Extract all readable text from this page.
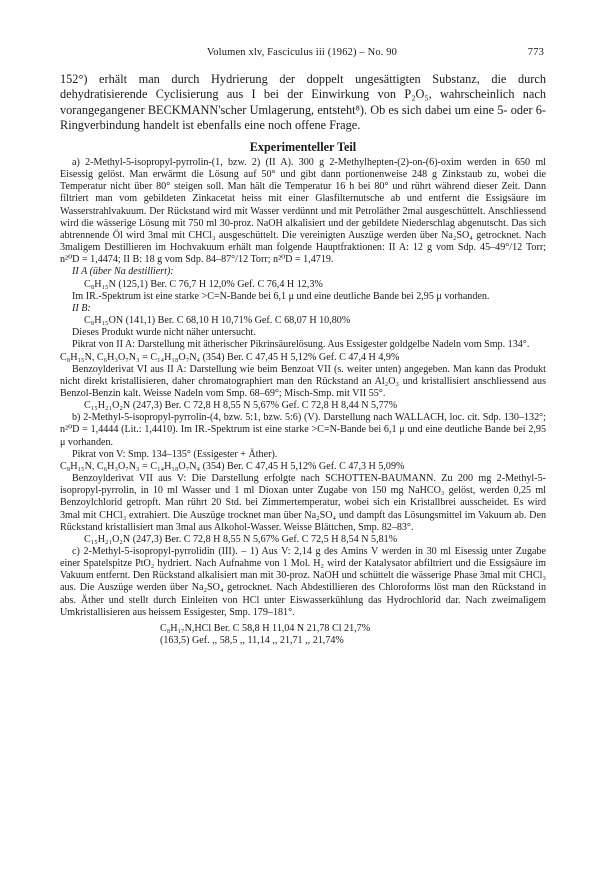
Volumen xlv, Fasciculus iii (1962) – No. 90	773
152°) erhält man durch Hydrierung der doppelt ungesättigten Substanz, die durch dehydratisierende Cyclisierung aus I bei der Einwirkung von P₂O₅, wahrscheinlich nach vorangegangener BECKMANN'scher Umlagerung, entsteht⁸). Ob es sich dabei um eine 5- oder 6-Ringverbindung handelt ist ebenfalls eine noch offene Frage.
Experimenteller Teil

a) 2-Methyl-5-isopropyl-pyrrolin-(1, bzw. 2) (II A). 300 g 2-Methylhepten-(2)-on-(6)-oxim werden in 650 ml Eisessig gelöst. Man erwärmt die Lösung auf 50° und gibt dann portionenweise 248 g Zinkstaub zu, wobei die Temperatur nicht über 80° steigen soll. Man hält die Temperatur 16 h bei 80° und rührt während dieser Zeit. Dann filtriert man vom gebildeten Zinkacetat heiss mit einer Glasfilternutsche ab und entfernt die Essigsäure im Wasserstrahlvakuum. Der Rückstand wird mit Wasser verdünnt und mit Petroläther 2mal ausgeschüttelt. Anschliessend wird die wässerige Lösung mit 750 ml 30-proz. NaOH alkalisiert und der gebildete Niederschlag abgenutscht. Das sich abtrennende Öl wird 3mal mit CHCl₃ ausgeschüttelt. Die vereinigten Auszüge werden über Na₂SO₄ getrocknet. Nach 3maligem Destillieren im Hochvakuum erhält man folgende Hauptfraktionen: II A: 12 g vom Sdp. 45–49°/12 Torr; n²⁰D = 1,4474; II B: 18 g vom Sdp. 84–87°/12 Torr; n²⁰D = 1,4719.

II A (über Na destilliert):

C₈H₁₅N (125,1) Ber. C 76,7 H 12,0% Gef. C 76,4 H 12,3%

Im IR.-Spektrum ist eine starke >C=N-Bande bei 6,1 μ und eine deutliche Bande bei 2,95 μ vorhanden.

II B:

C₈H₁₅ON (141,1) Ber. C 68,10 H 10,71% Gef. C 68,07 H 10,80%

Dieses Produkt wurde nicht näher untersucht.

Pikrat von II A: Darstellung mit ätherischer Pikrinsäurelösung. Aus Essigester goldgelbe Nadeln vom Smp. 134°.

C₈H₁₅N, C₆H₃O₇N₃ = C₁₄H₁₈O₇N₄ (354) Ber. C 47,45 H 5,12% Gef. C 47,4 H 4,9%

Benzoylderivat VI aus II A: Darstellung wie beim Benzoat VII (s. weiter unten) angegeben. Man kann das Produkt nicht direkt kristallisieren, daher chromatographiert man den Rückstand an Al₂O₃ und kristallisiert anschliessend aus Benzol-Benzin kalt. Weisse Nadeln vom Smp. 68–69°; Misch-Smp. mit VII 55°.

C₁₅H₂₁O₂N (247,3) Ber. C 72,8 H 8,55 N 5,67% Gef. C 72,8 H 8,44 N 5,77%

b) 2-Methyl-5-isopropyl-pyrrolin-(4, bzw. 5:1, bzw. 5:6) (V). Darstellung nach WALLACH, loc. cit. Sdp. 130–132°; n²⁰D = 1,4444 (Lit.: 1,4410). Im IR.-Spektrum ist eine starke >C=N-Bande bei 6,1 μ und eine deutliche Bande bei 2,95 μ vorhanden.

Pikrat von V: Smp. 134–135° (Essigester + Äther).

C₈H₁₅N, C₆H₃O₇N₃ = C₁₄H₁₈O₇N₄ (354) Ber. C 47,45 H 5,12% Gef. C 47,3 H 5,09%

Benzoylderivat VII aus V: Die Darstellung erfolgte nach SCHOTTEN-BAUMANN. Zu 200 mg 2-Methyl-5-isopropyl-pyrrolin, in 10 ml Wasser und 1 ml Dioxan unter Zugabe von 150 mg NaHCO₃ gelöst, werden 0,25 ml Benzoylchlorid getropft. Man rührt 20 Std. bei Zimmertemperatur, wobei sich ein Kristallbrei ausscheidet. Es wird 3mal mit CHCl₃ extrahiert. Die Auszüge trocknet man über Na₂SO₄ und dampft das Lösungsmittel im Vakuum ab. Den Rückstand kristallisiert man 3mal aus Alkohol-Wasser. Weisse Blättchen, Smp. 82–83°.

C₁₅H₂₁O₂N (247,3) Ber. C 72,8 H 8,55 N 5,67% Gef. C 72,5 H 8,54 N 5,81%

c) 2-Methyl-5-isopropyl-pyrrolidin (III). – 1) Aus V: 2,14 g des Amins V werden in 30 ml Eisessig unter Zugabe einer Spatelspitze PtO₂ hydriert. Nach Aufnahme von 1 Mol. H₂ wird der Katalysator abfiltriert und die Essigsäure im Vakuum entfernt. Den Rückstand alkalisiert man mit 30-proz. NaOH und schüttelt die wässerige Phase 3mal mit CHCl₃ aus. Die Auszüge werden über Na₂SO₄ getrocknet. Nach Abdestillieren des Chloroforms löst man den Rückstand in abs. Äther und stellt durch Einleiten von HCl unter Eiswasserkühlung das Hydrochlorid dar. Nach zweimaligem Umkristallisieren aus heissem Essigester, Smp. 179–181°.

C₈H₁₇N,HCl Ber. C 58,8 H 11,04 N 21,78 Cl 21,7%
(163,5) Gef. ,, 58,5 ,, 11,14 ,, 21,71 ,, 21,74%
